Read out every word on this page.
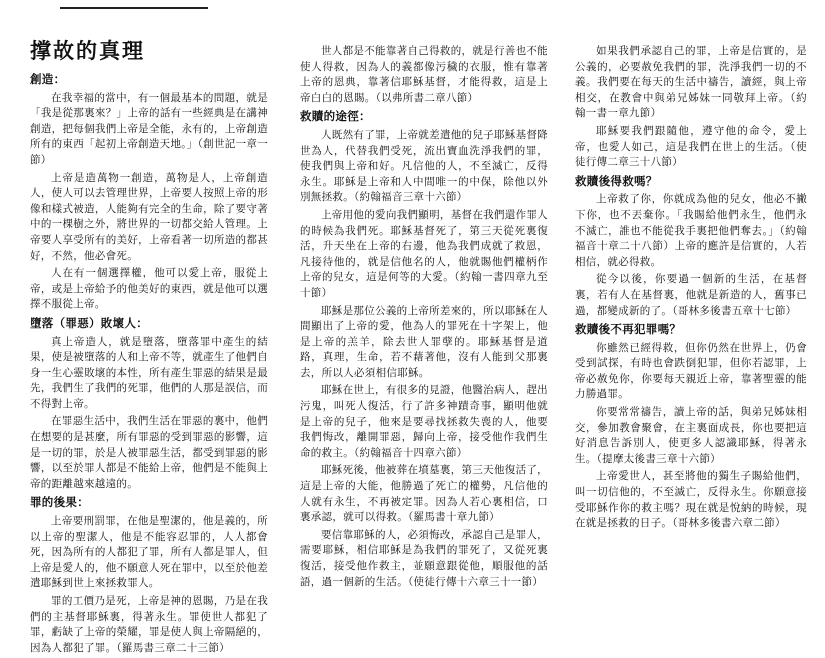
撑故的真理
創造：

在我幸福的當中，有一個最基本的問題，就是「我是從那裏來？」上帝的話有一些經典是在講神創造，把每個我們上帝是全能，永有的，上帝創造所有的東西「起初上帝創造天地。」（創世記一章一節）

上帝是造萬物一創造，萬物是人，上帝創造人，使人可以去管理世界，上帝要人按照上帝的形像和樣式被造，人能夠有完全的生命，除了要守著中的一棵樹之外，將世界的一切都交給人管理。上帝要人享受所有的美好，上帝看著一切所造的都甚好，不然，他必會死。

人在有一個選擇權，他可以愛上帝，服從上帝，或是上帝給予的他美好的東西，就是他可以選擇不服從上帝。

墮落（罪惡）敗壞人：

真上帝造人，就是墮落，墮落罪中產生的結果，使是被墮落的人和上帝不等，就產生了他們自身一生心靈敗壞的本性，所有產生罪惡的結果是最先，我們生了我們的死罪，他們的人那是誤信，而不得對上帝。

在罪惡生活中，我們生活在罪惡的裏中，他們在想要的是甚麼，所有罪惡的受到罪惡的影響，這是一切的罪，於是人被罪惡生活，都受到罪惡的影響，以至於罪人都是不能給上帝，他們是不能與上帝的距離越來越遠的。

罪的後果：

上帝要刑罰罪，在他是聖潔的，他是義的，所以上帝的聖潔人，他是不能容忍罪的，人人都會死，因為所有的人都犯了罪，所有人都是罪人，但上帝是愛人的，他不願意人死在罪中，以至於他差遣耶穌到世上來拯救罪人。

罪的工價乃是死，上帝是神的恩賜，乃是在我們的主基督耶穌裏，得著永生。罪使世人都犯了罪，虧缺了上帝的榮耀，罪是使人與上帝隔絕的，因為人都犯了罪。（羅馬書三章二十三節）

世人都是不能靠著自己得救的，就是行善也不能使人得救，因為人的義都像污穢的衣服，惟有靠著上帝的恩典，靠著信耶穌基督，才能得救，這是上帝白白的恩賜。（以弗所書二章八節）

救贖的途徑：

人既然有了罪，上帝就差遣他的兒子耶穌基督降世為人，代替我們受死，流出寶血洗淨我們的罪，使我們與上帝和好。凡信他的人，不至滅亡，反得永生。耶穌是上帝和人中間唯一的中保，除他以外別無拯救。（約翰福音三章十六節）

上帝用他的愛向我們顯明，基督在我們還作罪人的時候為我們死。耶穌基督死了，第三天從死裏復活，升天坐在上帝的右邊，他為我們成就了救恩，凡接待他的，就是信他名的人，他就賜他們權柄作上帝的兒女，這是何等的大愛。（約翰一書四章九至十節）

耶穌是那位公義的上帝所差來的，所以耶穌在人間顯出了上帝的愛，他為人的罪死在十字架上，他是上帝的羔羊，除去世人罪孽的。耶穌基督是道路，真理，生命，若不藉著他，沒有人能到父那裏去，所以人必須相信耶穌。

耶穌在世上，有很多的見證，他醫治病人，趕出污鬼，叫死人復活，行了許多神蹟奇事，顯明他就是上帝的兒子，他來是要尋找拯救失喪的人，他要我們悔改，離開罪惡，歸向上帝，接受他作我們生命的救主。（約翰福音十四章六節）

耶穌死後，他被葬在墳墓裏，第三天他復活了，這是上帝的大能，他勝過了死亡的權勢，凡信他的人就有永生，不再被定罪。因為人若心裏相信，口裏承認，就可以得救。（羅馬書十章九節）

要信靠耶穌的人，必須悔改，承認自己是罪人，需要耶穌，相信耶穌是為我們的罪死了，又從死裏復活，接受他作救主，並願意跟從他，順服他的話語，過一個新的生活。（使徒行傳十六章三十一節）

如果我們承認自己的罪，上帝是信實的，是公義的，必要赦免我們的罪，洗淨我們一切的不義。我們要在每天的生活中禱告，讀經，與上帝相交，在教會中與弟兄姊妹一同敬拜上帝。（約翰一書一章九節）

耶穌要我們跟隨他，遵守他的命令，愛上帝，也愛人如己，這是我們在世上的生活。（使徒行傳二章三十八節）

救贖後得救嗎？

上帝救了你，你就成為他的兒女，他必不撇下你，也不丟棄你。「我賜給他們永生，他們永不滅亡，誰也不能從我手裏把他們奪去。」（約翰福音十章二十八節）上帝的應許是信實的，人若相信，就必得救。

從今以後，你要過一個新的生活，在基督裏，若有人在基督裏，他就是新造的人，舊事已過，都變成新的了。（哥林多後書五章十七節）

救贖後不再犯罪嗎？

你雖然已經得救，但你仍然在世界上，仍會受到試探，有時也會跌倒犯罪，但你若認罪，上帝必赦免你，你要每天親近上帝，靠著聖靈的能力勝過罪。

你要常常禱告，讀上帝的話，與弟兄姊妹相交，參加教會聚會，在主裏面成長，你也要把這好消息告訴別人，使更多人認識耶穌，得著永生。（提摩太後書三章十六節）

上帝愛世人，甚至將他的獨生子賜給他們，叫一切信他的，不至滅亡，反得永生。你願意接受耶穌作你的救主嗎？現在就是悅納的時候，現在就是拯救的日子。（哥林多後書六章二節）
